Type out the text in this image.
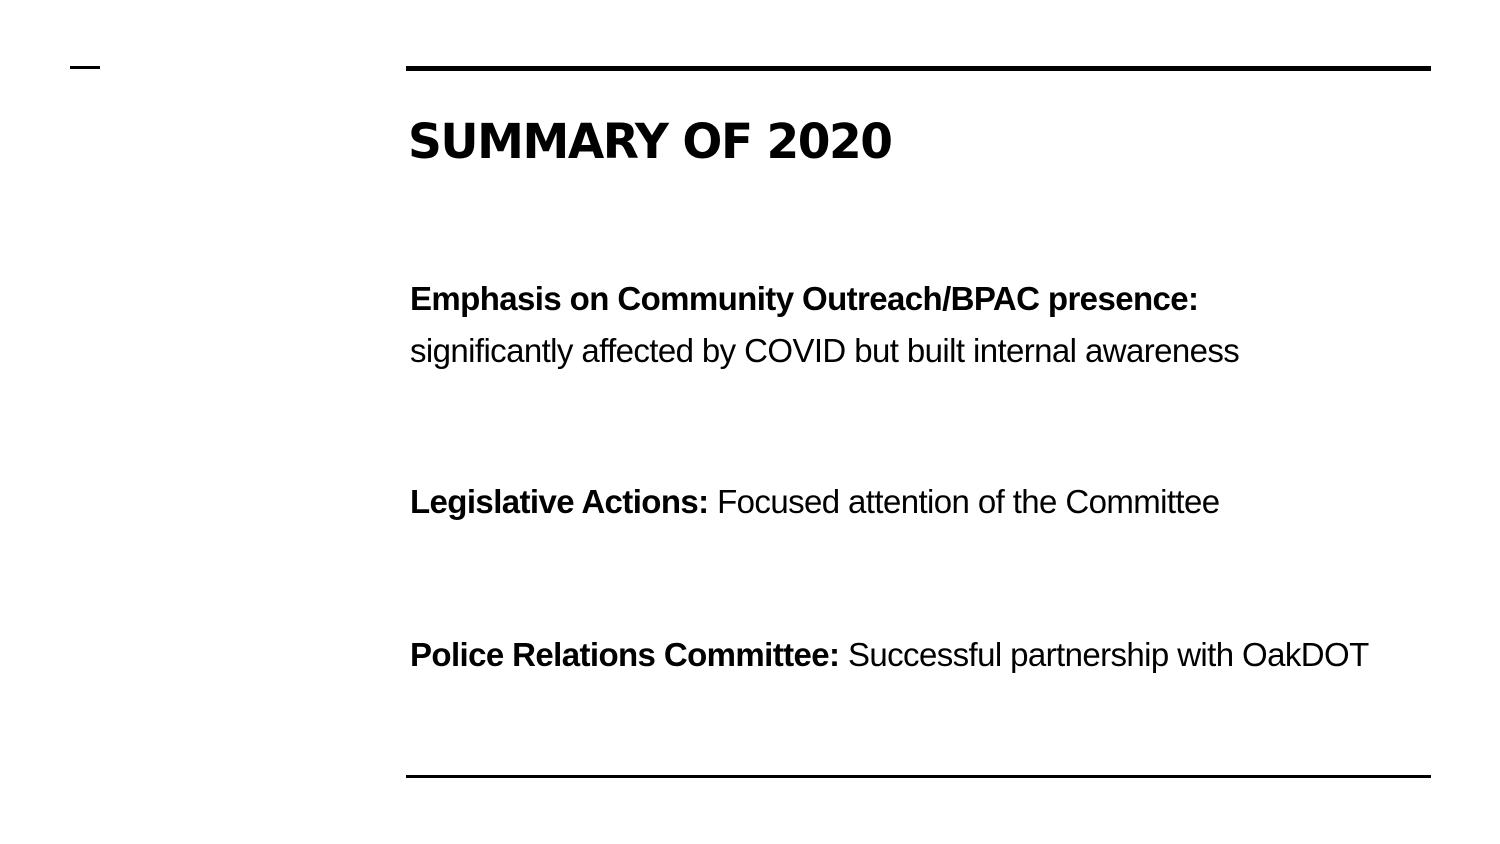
SUMMARY OF 2020

Emphasis on Community Outreach/BPAC presence:
significantly affected by COVID but built internal awareness

Legislative Actions: Focused attention of the Committee

Police Relations Committee: Successful partnership with OakDOT
